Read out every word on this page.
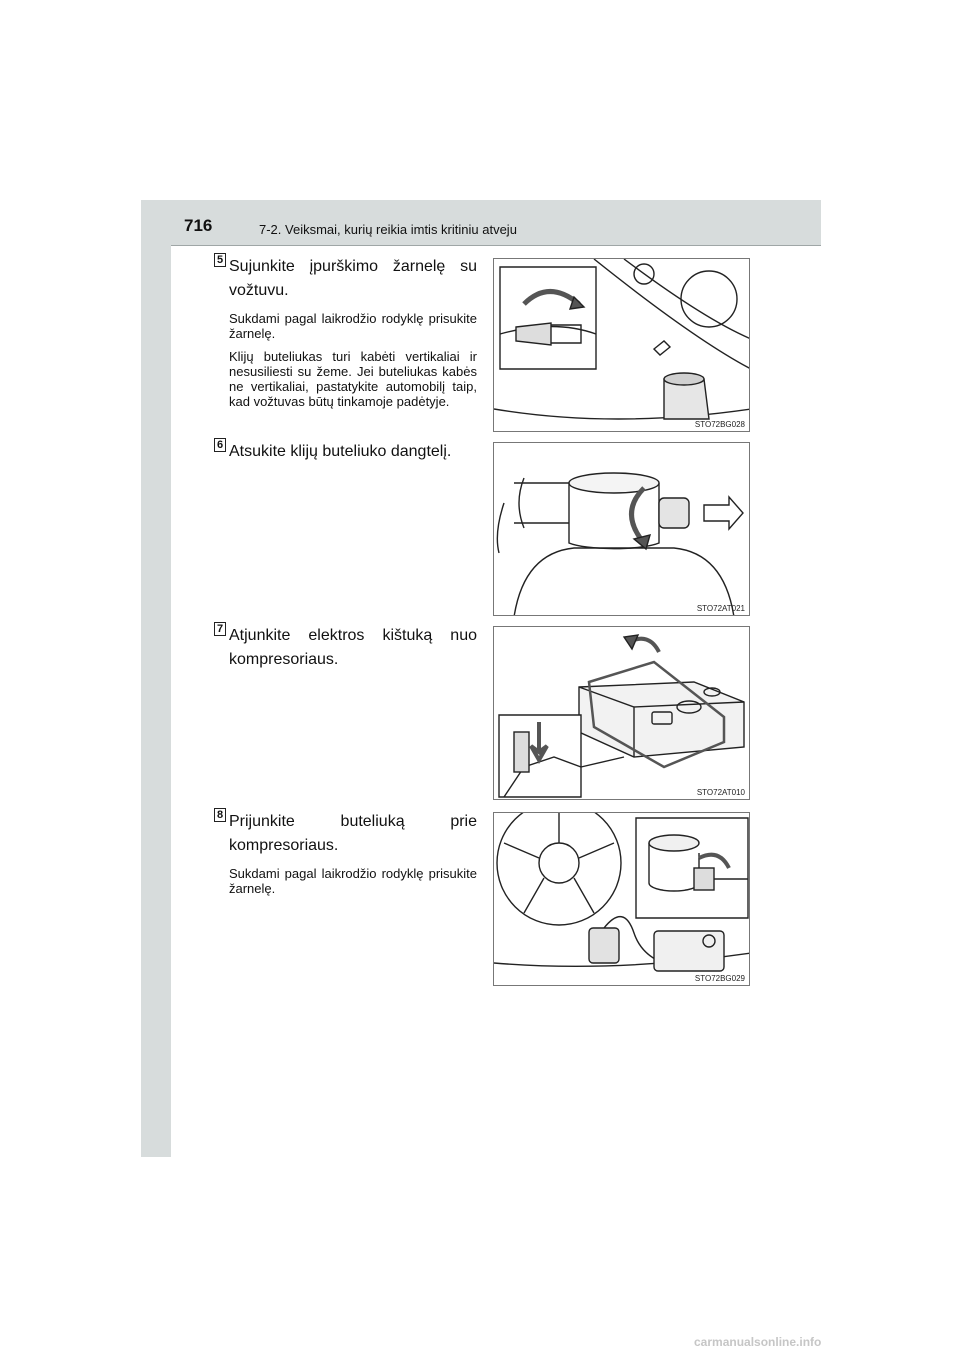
716	7-2. Veiksmai, kurių reikia imtis kritiniu atveju
5 Sujunkite įpurškimo žarnelę su vožtuvu.

Sukdami pagal laikrodžio rodyklę prisukite žarnelę.

Klijų buteliukas turi kabėti vertikaliai ir nesusiliesti su žeme. Jei buteliukas kabės ne vertikaliai, pastatykite automobilį taip, kad vožtuvas būtų tinkamoje padėtyje.

STO72BG028
6 Atsukite klijų buteliuko dangtelį.

STO72AT021
7 Atjunkite elektros kištuką nuo kompresoriaus.

STO72AT010
8 Prijunkite buteliuką prie kompresoriaus.

Sukdami pagal laikrodžio rodyklę prisukite žarnelę.

STO72BG029
carmanualsonline.info
